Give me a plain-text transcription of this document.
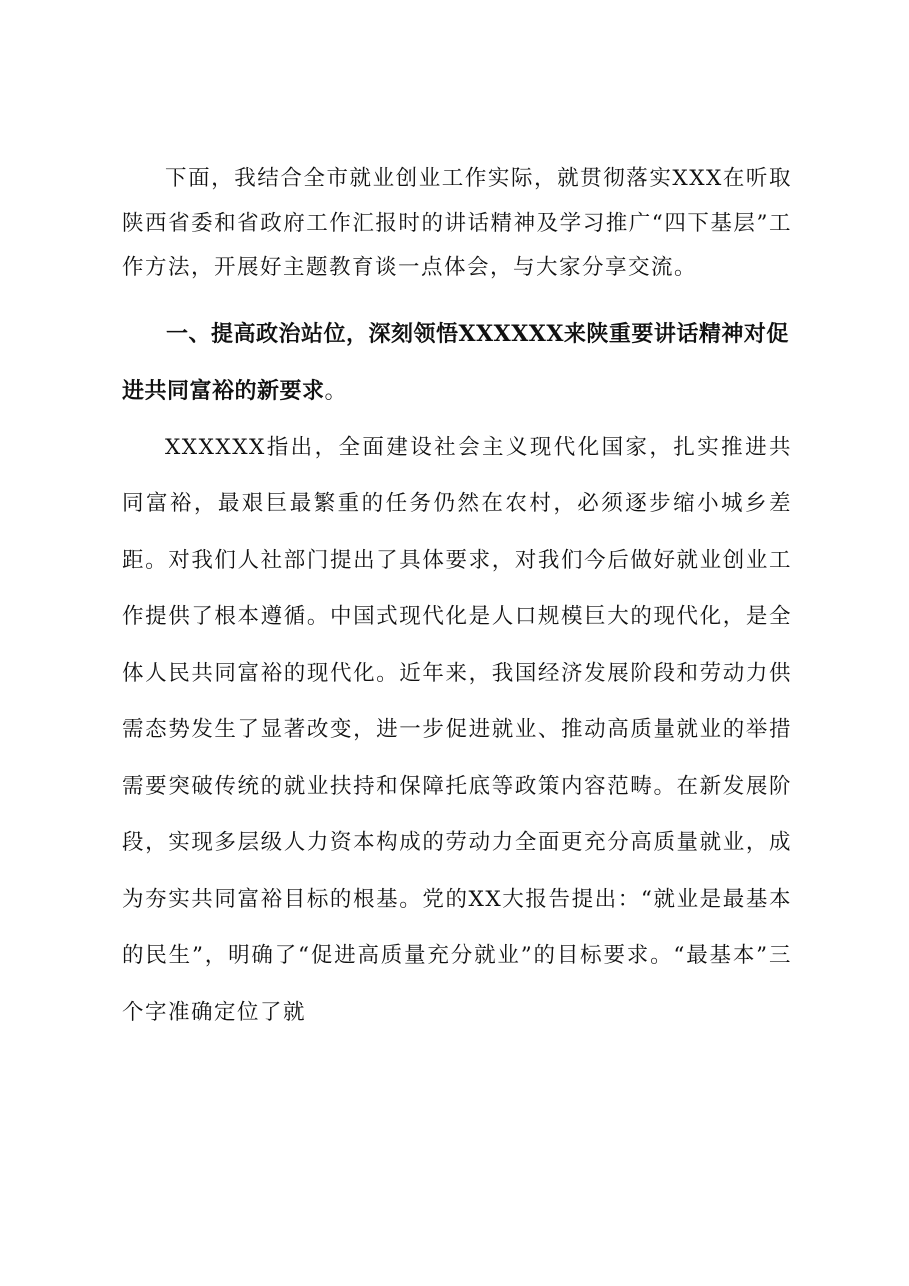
下面，我结合全市就业创业工作实际，就贯彻落实XXX在听取陕西省委和省政府工作汇报时的讲话精神及学习推广“四下基层”工作方法，开展好主题教育谈一点体会，与大家分享交流。

一、提高政治站位，深刻领悟XXXXXX来陕重要讲话精神对促进共同富裕的新要求。

XXXXXX指出，全面建设社会主义现代化国家，扎实推进共同富裕，最艰巨最繁重的任务仍然在农村，必须逐步缩小城乡差距。对我们人社部门提出了具体要求，对我们今后做好就业创业工作提供了根本遵循。中国式现代化是人口规模巨大的现代化，是全体人民共同富裕的现代化。近年来，我国经济发展阶段和劳动力供需态势发生了显著改变，进一步促进就业、推动高质量就业的举措需要突破传统的就业扶持和保障托底等政策内容范畴。在新发展阶段，实现多层级人力资本构成的劳动力全面更充分高质量就业，成为夯实共同富裕目标的根基。党的XX大报告提出：“就业是最基本的民生”，明确了“促进高质量充分就业”的目标要求。“最基本”三个字准确定位了就
